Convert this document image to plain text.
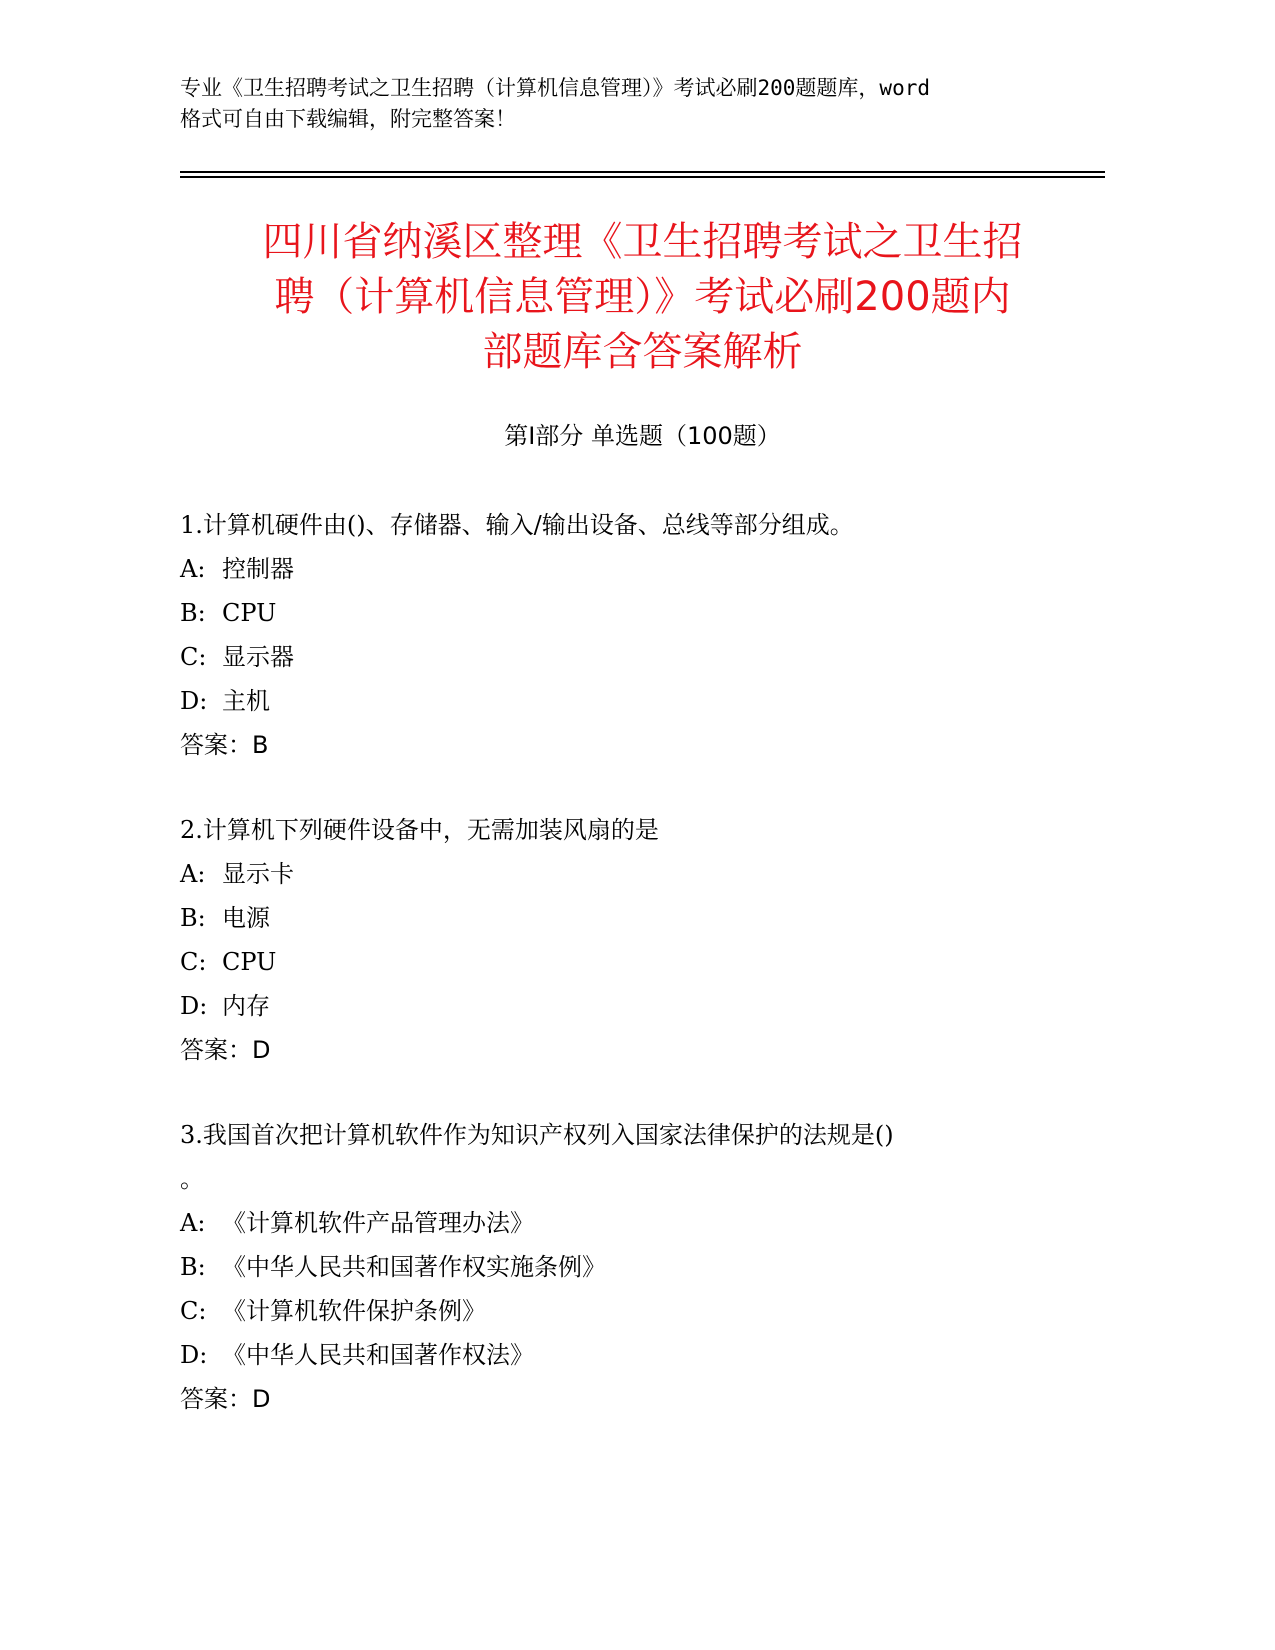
专业《卫生招聘考试之卫生招聘（计算机信息管理）》考试必刷200题题库，word
格式可自由下载编辑，附完整答案！
四川省纳溪区整理《卫生招聘考试之卫生招
聘（计算机信息管理）》考试必刷200题内
部题库含答案解析
第Ⅰ部分 单选题（100题）
1.计算机硬件由()、存储器、输入/输出设备、总线等部分组成。
A: 控制器
B: CPU
C: 显示器
D: 主机
答案：B
2.计算机下列硬件设备中，无需加装风扇的是
A: 显示卡
B: 电源
C: CPU
D: 内存
答案：D
3.我国首次把计算机软件作为知识产权列入国家法律保护的法规是()
。
A: 《计算机软件产品管理办法》
B: 《中华人民共和国著作权实施条例》
C: 《计算机软件保护条例》
D: 《中华人民共和国著作权法》
答案：D
